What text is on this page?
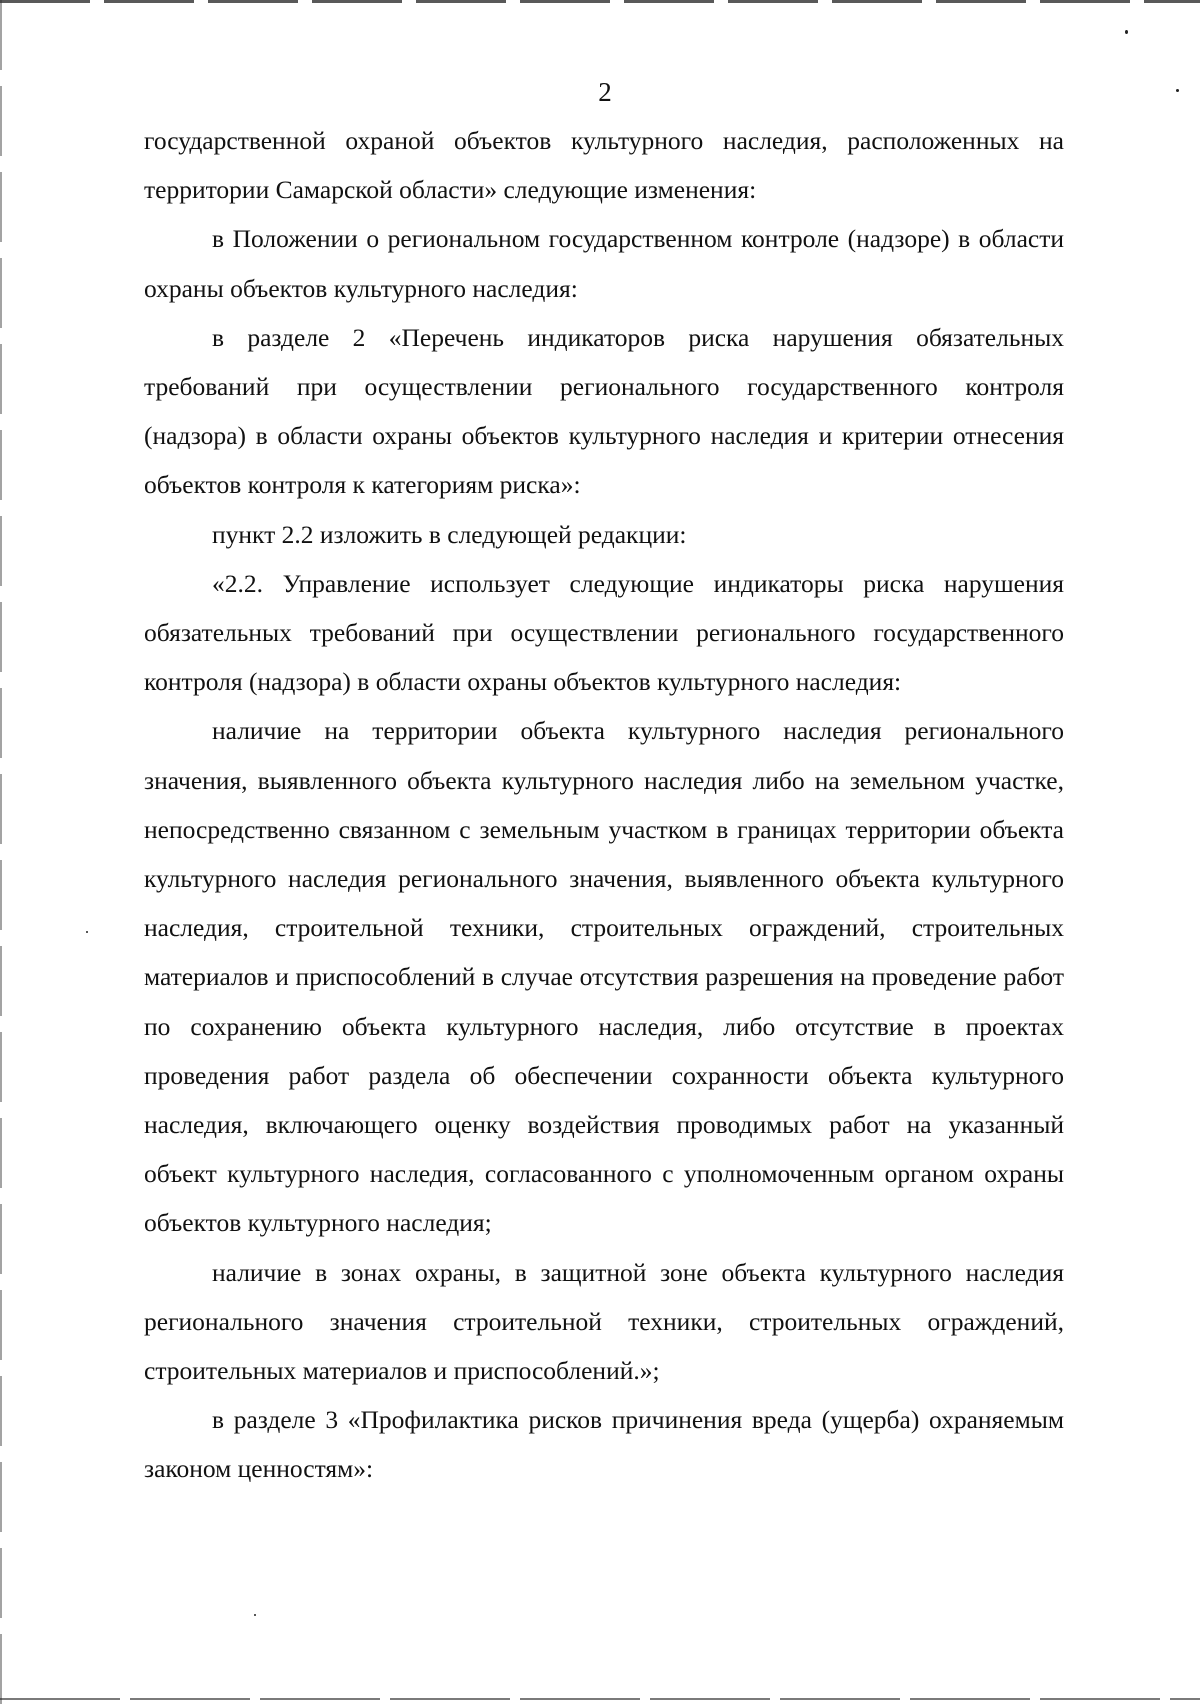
2

государственной охраной объектов культурного наследия, расположенных на территории Самарской области» следующие изменения:

в Положении о региональном государственном контроле (надзоре) в области охраны объектов культурного наследия:

в разделе 2 «Перечень индикаторов риска нарушения обязательных требований при осуществлении регионального государственного контроля (надзора) в области охраны объектов культурного наследия и критерии отнесения объектов контроля к категориям риска»:

пункт 2.2 изложить в следующей редакции:

«2.2. Управление использует следующие индикаторы риска нарушения обязательных требований при осуществлении регионального государственного контроля (надзора) в области охраны объектов культурного наследия:

наличие на территории объекта культурного наследия регионального значения, выявленного объекта культурного наследия либо на земельном участке, непосредственно связанном с земельным участком в границах территории объекта культурного наследия регионального значения, выявленного объекта культурного наследия, строительной техники, строительных ограждений, строительных материалов и приспособлений в случае отсутствия разрешения на проведение работ по сохранению объекта культурного наследия, либо отсутствие в проектах проведения работ раздела об обеспечении сохранности объекта культурного наследия, включающего оценку воздействия проводимых работ на указанный объект культурного наследия, согласованного с уполномоченным органом охраны объектов культурного наследия;

наличие в зонах охраны, в защитной зоне объекта культурного наследия регионального значения строительной техники, строительных ограждений, строительных материалов и приспособлений.»;

в разделе 3 «Профилактика рисков причинения вреда (ущерба) охраняемым законом ценностям»:
